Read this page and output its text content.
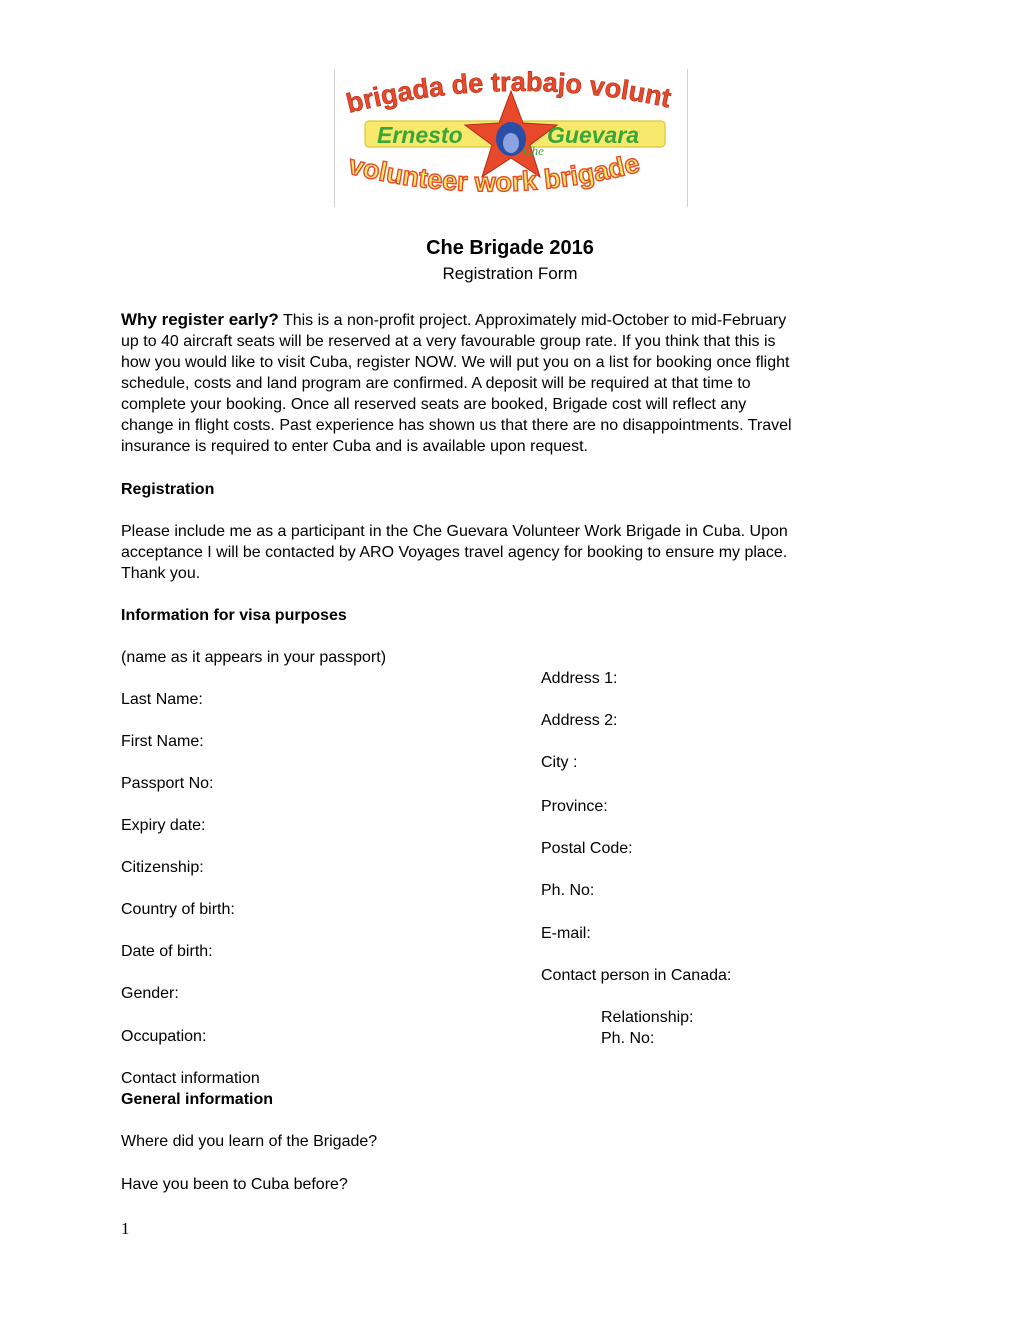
brigada de trabajo volunt
Ernesto
Che
Guevara
volunteer work brigade
Che Brigade 2016
Registration Form
Why register early? This is a non-profit project. Approximately mid-October to mid-February
up to 40 aircraft seats will be reserved at a very favourable group rate. If you think that this is
how you would like to visit Cuba, register NOW. We will put you on a list for booking once flight
schedule, costs and land program are confirmed. A deposit will be required at that time to
complete your booking. Once all reserved seats are booked, Brigade cost will reflect any
change in flight costs. Past experience has shown us that there are no disappointments. Travel
insurance is required to enter Cuba and is available upon request.
Registration
Please include me as a participant in the Che Guevara Volunteer Work Brigade in Cuba. Upon
acceptance I will be contacted by ARO Voyages travel agency for booking to ensure my place.
Thank you.
Information for visa purposes
(name as it appears in your passport)
Last Name:
First Name:
Passport No:
Expiry date:
Citizenship:
Country of birth:
Date of birth:
Gender:
Occupation:
Address 1:
Address 2:
City :
Province:
Postal Code:
Ph. No:
E-mail:
Contact person in Canada:
Relationship:
Ph. No:
Contact information
General information
Where did you learn of the Brigade?
Have you been to Cuba before?
1
